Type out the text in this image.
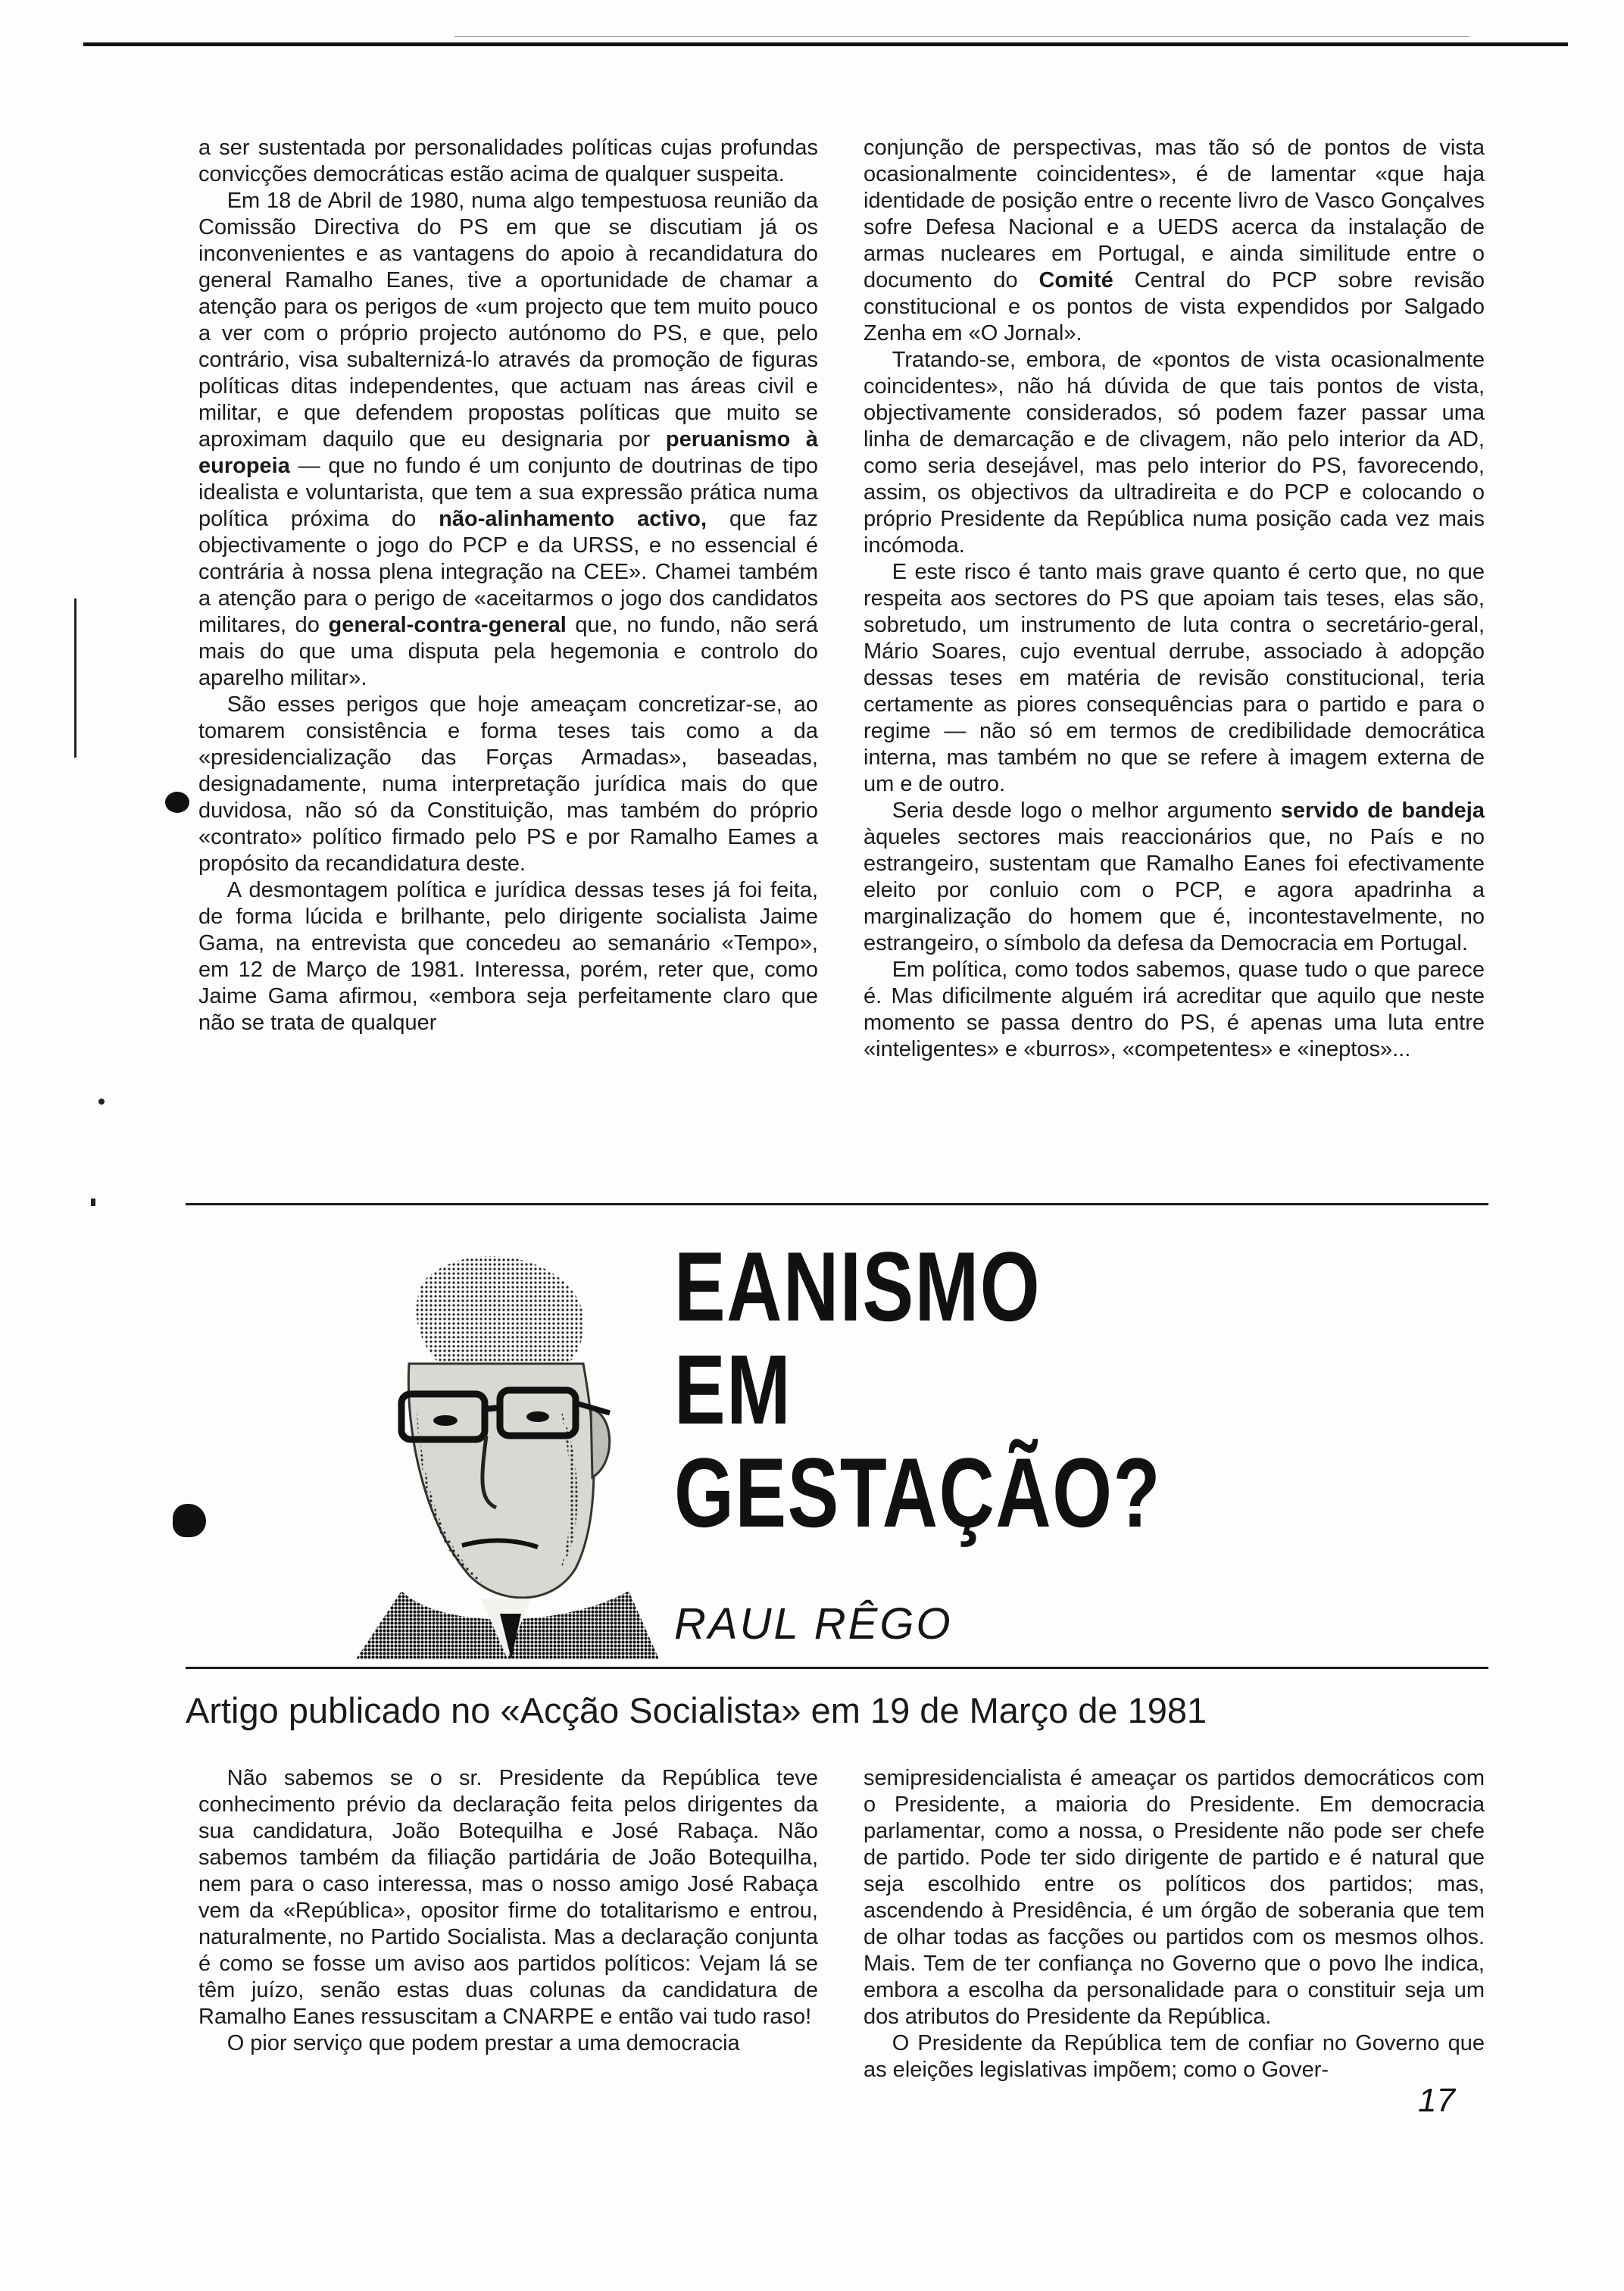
a ser sustentada por personalidades políticas cujas profundas convicções democráticas estão acima de qualquer suspeita.

Em 18 de Abril de 1980, numa algo tempestuosa reunião da Comissão Directiva do PS em que se discutiam já os inconvenientes e as vantagens do apoio à recandidatura do general Ramalho Eanes, tive a oportunidade de chamar a atenção para os perigos de «um projecto que tem muito pouco a ver com o próprio projecto autónomo do PS, e que, pelo contrário, visa subalternizá-lo através da promoção de figuras políticas ditas independentes, que actuam nas áreas civil e militar, e que defendem propostas políticas que muito se aproximam daquilo que eu designaria por peruanismo à europeia — que no fundo é um conjunto de doutrinas de tipo idealista e voluntarista, que tem a sua expressão prática numa política próxima do não-alinhamento activo, que faz objectivamente o jogo do PCP e da URSS, e no essencial é contrária à nossa plena integração na CEE». Chamei também a atenção para o perigo de «aceitarmos o jogo dos candidatos militares, do general-contra-general que, no fundo, não será mais do que uma disputa pela hegemonia e controlo do aparelho militar».

São esses perigos que hoje ameaçam concretizar-se, ao tomarem consistência e forma teses tais como a da «presidencialização das Forças Armadas», baseadas, designadamente, numa interpretação jurídica mais do que duvidosa, não só da Constituição, mas também do próprio «contrato» político firmado pelo PS e por Ramalho Eames a propósito da recandidatura deste.

A desmontagem política e jurídica dessas teses já foi feita, de forma lúcida e brilhante, pelo dirigente socialista Jaime Gama, na entrevista que concedeu ao semanário «Tempo», em 12 de Março de 1981. Interessa, porém, reter que, como Jaime Gama afirmou, «embora seja perfeitamente claro que não se trata de qualquer

conjunção de perspectivas, mas tão só de pontos de vista ocasionalmente coincidentes», é de lamentar «que haja identidade de posição entre o recente livro de Vasco Gonçalves sofre Defesa Nacional e a UEDS acerca da instalação de armas nucleares em Portugal, e ainda similitude entre o documento do Comité Central do PCP sobre revisão constitucional e os pontos de vista expendidos por Salgado Zenha em «O Jornal».

Tratando-se, embora, de «pontos de vista ocasionalmente coincidentes», não há dúvida de que tais pontos de vista, objectivamente considerados, só podem fazer passar uma linha de demarcação e de clivagem, não pelo interior da AD, como seria desejável, mas pelo interior do PS, favorecendo, assim, os objectivos da ultradireita e do PCP e colocando o próprio Presidente da República numa posição cada vez mais incómoda.

E este risco é tanto mais grave quanto é certo que, no que respeita aos sectores do PS que apoiam tais teses, elas são, sobretudo, um instrumento de luta contra o secretário-geral, Mário Soares, cujo eventual derrube, associado à adopção dessas teses em matéria de revisão constitucional, teria certamente as piores consequências para o partido e para o regime — não só em termos de credibilidade democrática interna, mas também no que se refere à imagem externa de um e de outro.

Seria desde logo o melhor argumento servido de bandeja àqueles sectores mais reaccionários que, no País e no estrangeiro, sustentam que Ramalho Eanes foi efectivamente eleito por conluio com o PCP, e agora apadrinha a marginalização do homem que é, incontestavelmente, no estrangeiro, o símbolo da defesa da Democracia em Portugal.

Em política, como todos sabemos, quase tudo o que parece é. Mas dificilmente alguém irá acreditar que aquilo que neste momento se passa dentro do PS, é apenas uma luta entre «inteligentes» e «burros», «competentes» e «ineptos»...

EANISMO
EM
GESTAÇÃO?
RAUL RÊGO
Artigo publicado no «Acção Socialista» em 19 de Março de 1981

Não sabemos se o sr. Presidente da República teve conhecimento prévio da declaração feita pelos dirigentes da sua candidatura, João Botequilha e José Rabaça. Não sabemos também da filiação partidária de João Botequilha, nem para o caso interessa, mas o nosso amigo José Rabaça vem da «República», opositor firme do totalitarismo e entrou, naturalmente, no Partido Socialista. Mas a declaração conjunta é como se fosse um aviso aos partidos políticos: Vejam lá se têm juízo, senão estas duas colunas da candidatura de Ramalho Eanes ressuscitam a CNARPE e então vai tudo raso!

O pior serviço que podem prestar a uma democracia

semipresidencialista é ameaçar os partidos democráticos com o Presidente, a maioria do Presidente. Em democracia parlamentar, como a nossa, o Presidente não pode ser chefe de partido. Pode ter sido dirigente de partido e é natural que seja escolhido entre os políticos dos partidos; mas, ascendendo à Presidência, é um órgão de soberania que tem de olhar todas as facções ou partidos com os mesmos olhos. Mais. Tem de ter confiança no Governo que o povo lhe indica, embora a escolha da personalidade para o constituir seja um dos atributos do Presidente da República.

O Presidente da República tem de confiar no Governo que as eleições legislativas impõem; como o Gover-

17
